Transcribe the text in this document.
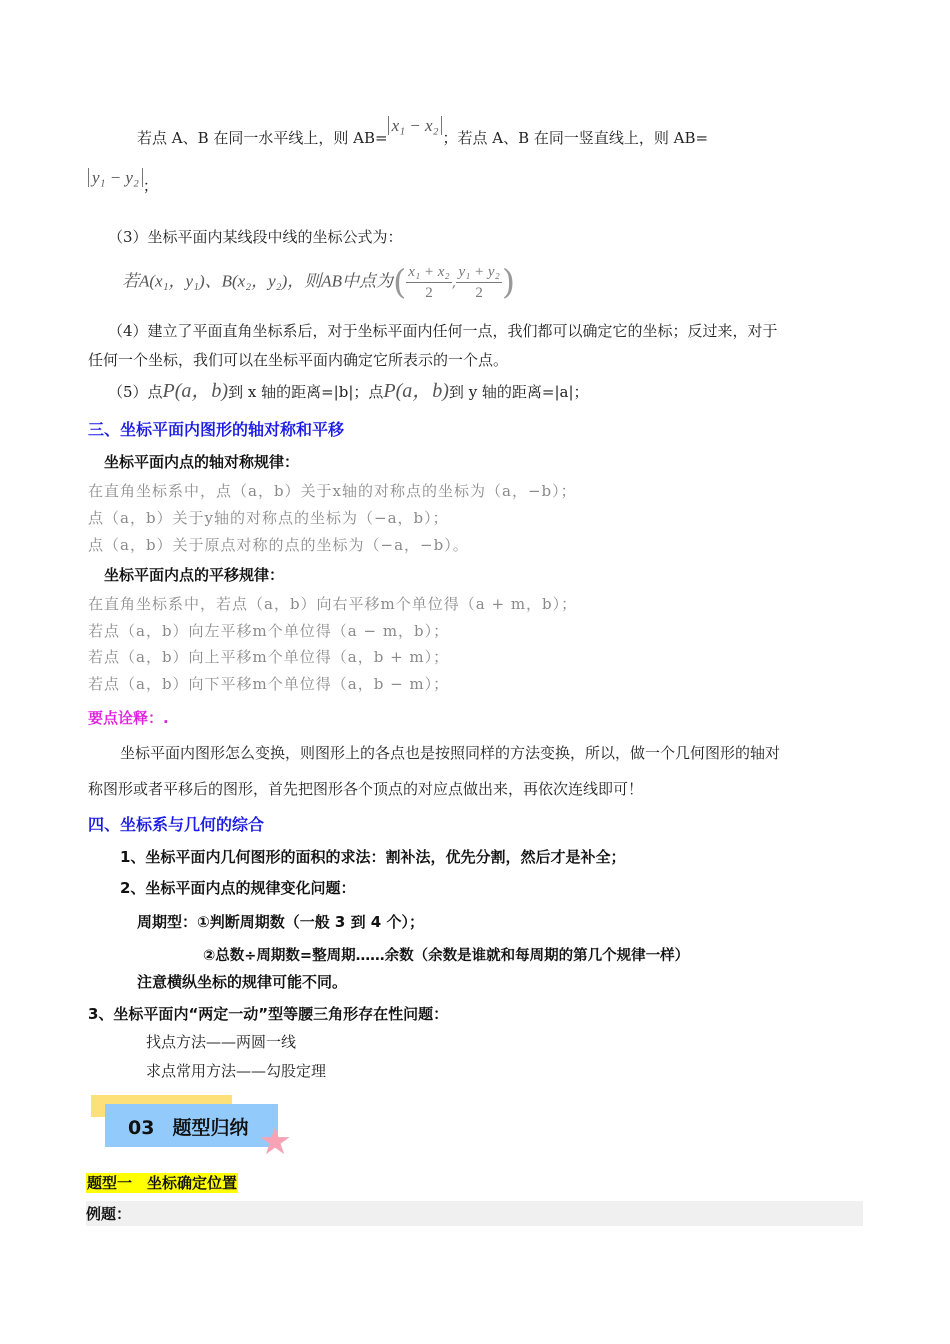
若点 A、B 在同一水平线上，则 AB=x₁ − x₂；若点 A、B 在同一竖直线上，则 AB=
y₁ − y₂ ；
（3）坐标平面内某线段中线的坐标公式为：
若A(x₁，y₁)、B(x₂，y₂)，则AB中点为( $\frac{\text{x₁ + x₂}}{2}$ , $\frac{\text{y₁ + y₂}}{2}$ )
（4）建立了平面直角坐标系后，对于坐标平面内任何一点，我们都可以确定它的坐标；反过来，对于
任何一个坐标，我们可以在坐标平面内确定它所表示的一个点。
（5）点P(a，b)到 x 轴的距离=|b|；点P(a，b)到 y 轴的距离=|a|；
三、坐标平面内图形的轴对称和平移
坐标平面内点的轴对称规律：
在直角坐标系中，点（a，b）关于x轴的对称点的坐标为（a，−b）；
点（a，b）关于y轴的对称点的坐标为（−a，b）；
点（a，b）关于原点对称的点的坐标为（−a，−b）。
坐标平面内点的平移规律：
在直角坐标系中，若点（a，b）向右平移m个单位得（a + m，b）；
若点（a，b）向左平移m个单位得（a − m，b）；
若点（a，b）向上平移m个单位得（a，b + m）；
若点（a，b）向下平移m个单位得（a，b − m）；
要点诠释：.
坐标平面内图形怎么变换，则图形上的各点也是按照同样的方法变换，所以，做一个几何图形的轴对
称图形或者平移后的图形，首先把图形各个顶点的对应点做出来，再依次连线即可！
四、坐标系与几何的综合
1、坐标平面内几何图形的面积的求法：割补法，优先分割，然后才是补全；
2、坐标平面内点的规律变化问题：
周期型：①判断周期数（一般 3 到 4 个）；
②总数÷周期数=整周期……余数（余数是谁就和每周期的第几个规律一样）
注意横纵坐标的规律可能不同。
3、坐标平面内“两定一动”型等腰三角形存在性问题：
找点方法——两圆一线
求点常用方法——勾股定理
03 题型归纳 ★
题型一　坐标确定位置
例题：
